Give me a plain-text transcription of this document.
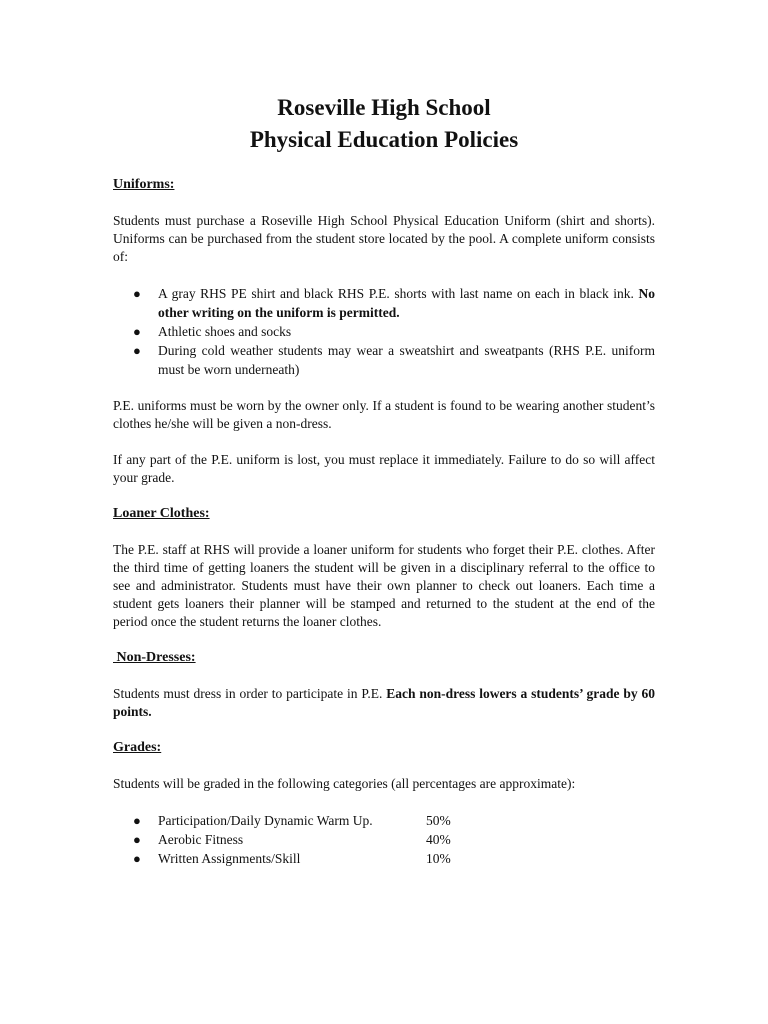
Roseville High School

Physical Education Policies

Uniforms:

Students must purchase a Roseville High School Physical Education Uniform (shirt and shorts). Uniforms can be purchased from the student store located by the pool. A complete uniform consists of:

● A gray RHS PE shirt and black RHS P.E. shorts with last name on each in black ink. No other writing on the uniform is permitted.
● Athletic shoes and socks
● During cold weather students may wear a sweatshirt and sweatpants (RHS P.E. uniform must be worn underneath)

P.E. uniforms must be worn by the owner only. If a student is found to be wearing another student’s clothes he/she will be given a non-dress.

If any part of the P.E. uniform is lost, you must replace it immediately. Failure to do so will affect your grade.

Loaner Clothes:

The P.E. staff at RHS will provide a loaner uniform for students who forget their P.E. clothes. After the third time of getting loaners the student will be given in a disciplinary referral to the office to see and administrator. Students must have their own planner to check out loaners. Each time a student gets loaners their planner will be stamped and returned to the student at the end of the period once the student returns the loaner clothes.

Non-Dresses:

Students must dress in order to participate in P.E. Each non-dress lowers a students’ grade by 60 points.

Grades:

Students will be graded in the following categories (all percentages are approximate):

● Participation/Daily Dynamic Warm Up.	50%
● Aerobic Fitness	40%
● Written Assignments/Skill	10%
